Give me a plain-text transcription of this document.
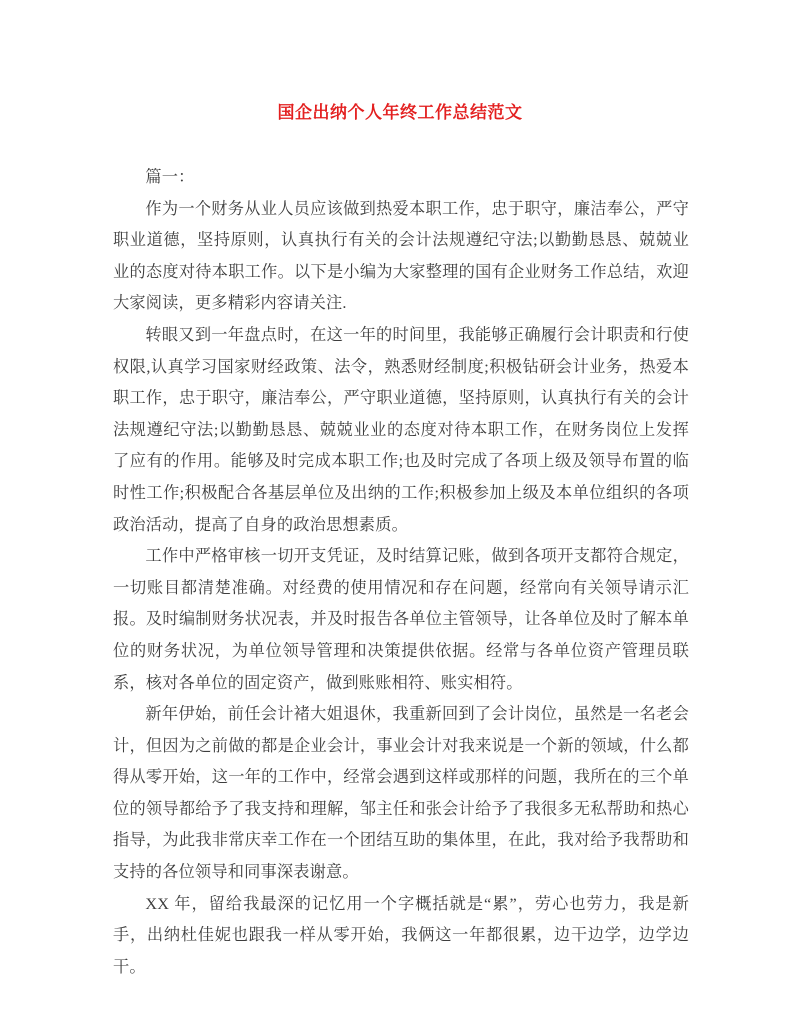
国企出纳个人年终工作总结范文

篇一：

作为一个财务从业人员应该做到热爱本职工作，忠于职守，廉洁奉公，严守职业道德，坚持原则，认真执行有关的会计法规遵纪守法;以勤勤恳恳、兢兢业业的态度对待本职工作。以下是小编为大家整理的国有企业财务工作总结，欢迎大家阅读，更多精彩内容请关注.

转眼又到一年盘点时，在这一年的时间里，我能够正确履行会计职责和行使权限,认真学习国家财经政策、法令，熟悉财经制度;积极钻研会计业务，热爱本职工作，忠于职守，廉洁奉公，严守职业道德，坚持原则，认真执行有关的会计法规遵纪守法;以勤勤恳恳、兢兢业业的态度对待本职工作，在财务岗位上发挥了应有的作用。能够及时完成本职工作;也及时完成了各项上级及领导布置的临时性工作;积极配合各基层单位及出纳的工作;积极参加上级及本单位组织的各项政治活动，提高了自身的政治思想素质。

工作中严格审核一切开支凭证，及时结算记账，做到各项开支都符合规定，一切账目都清楚准确。对经费的使用情况和存在问题，经常向有关领导请示汇报。及时编制财务状况表，并及时报告各单位主管领导，让各单位及时了解本单位的财务状况，为单位领导管理和决策提供依据。经常与各单位资产管理员联系，核对各单位的固定资产，做到账账相符、账实相符。

新年伊始，前任会计褚大姐退休，我重新回到了会计岗位，虽然是一名老会计，但因为之前做的都是企业会计，事业会计对我来说是一个新的领域，什么都得从零开始，这一年的工作中，经常会遇到这样或那样的问题，我所在的三个单位的领导都给予了我支持和理解，邹主任和张会计给予了我很多无私帮助和热心指导，为此我非常庆幸工作在一个团结互助的集体里，在此，我对给予我帮助和支持的各位领导和同事深表谢意。

XX 年，留给我最深的记忆用一个字概括就是“累”，劳心也劳力，我是新手，出纳杜佳妮也跟我一样从零开始，我俩这一年都很累，边干边学，边学边干。
